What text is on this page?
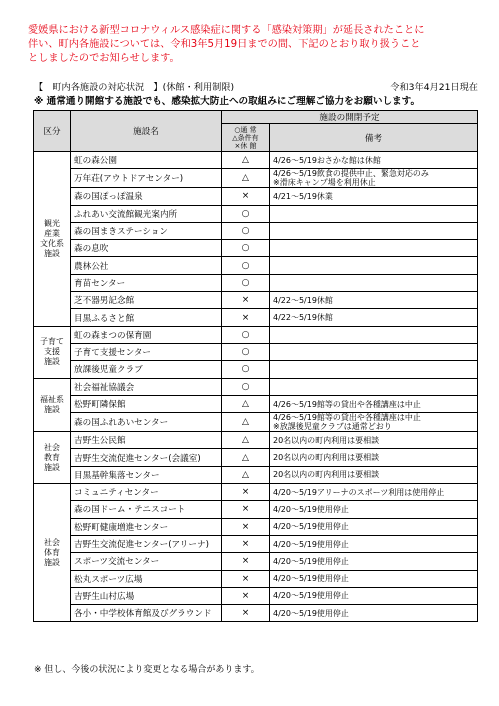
愛媛県における新型コロナウィルス感染症に関する「感染対策期」が延長されたことに
伴い、町内各施設については、令和3年5月19日までの間、下記のとおり取り扱うこと
としましたのでお知らせします。
【　町内各施設の対応状況　】(休館・利用制限)	令和3年4月21日現在
※ 通常通り開館する施設でも、感染拡大防止への取組みにご理解ご協力をお願いします。
区分	施設名	施設の開閉予定	

		○通 常
△条件有
×休 館	備考
観光
産業
文化系
施設	虹の森公園	△	4/26～5/19おさかな館は休館

	万年荘(アウトドアセンター)	△	4/26～5/19飲食の提供中止、緊急対応のみ
※滑床キャンプ場を利用休止

	森の国ぽっぽ温泉	×	4/21～5/19休業

	ふれあい交流館観光案内所	○	

	森の国まきステーション	○	

	森の息吹	○	

	農林公社	○	

	育苗センター	○	

	芝不器男記念館	×	4/22～5/19休館

	目黒ふるさと館	×	4/22～5/19休館

子育て
支援
施設	虹の森まつの保育園	○	

	子育て支援センター	○	

	放課後児童クラブ	○	

福祉系
施設	社会福祉協議会	○	

	松野町隣保館	△	4/26～5/19館等の貸出や各種講座は中止

	森の国ふれあいセンター	△	4/26～5/19館等の貸出や各種講座は中止
※放課後児童クラブは通常どおり

社会
教育
施設	吉野生公民館	△	20名以内の町内利用は要相談

	吉野生交流促進センター(会議室)	△	20名以内の町内利用は要相談

	目黒基幹集落センター	△	20名以内の町内利用は要相談

社会
体育
施設	コミュニティセンター	×	4/20～5/19アリーナのスポーツ利用は使用停止

	森の国ドーム・テニスコート	×	4/20～5/19使用停止

	松野町健康増進センター	×	4/20～5/19使用停止

	吉野生交流促進センター(アリーナ)	×	4/20～5/19使用停止

	スポーツ交流センター	×	4/20～5/19使用停止

	松丸スポーツ広場	×	4/20～5/19使用停止

	吉野生山村広場	×	4/20～5/19使用停止

	各小・中学校体育館及びグラウンド	×	4/20～5/19使用停止
※ 但し、今後の状況により変更となる場合があります。
